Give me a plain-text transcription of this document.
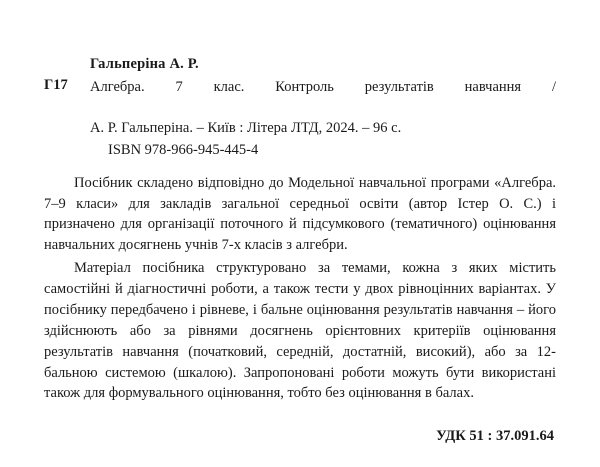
Гальперіна А. Р.
Г17 Алгебра. 7 клас. Контроль результатів навчання /
А. Р. Гальперіна. – Київ : Літера ЛТД, 2024. – 96 с.
ISBN 978-966-945-445-4

Посібник складено відповідно до Модельної навчальної програми «Алгебра. 7–9 класи» для закладів загальної середньої освіти (автор Істер О. С.) і призначено для організації поточного й підсумкового (тематичного) оцінювання навчальних досягнень учнів 7-х класів з алгебри.

Матеріал посібника структуровано за темами, кожна з яких містить самостійні й діагностичні роботи, а також тести у двох рівноцінних варіантах. У посібнику передбачено і рівневе, і бальне оцінювання результатів навчання – його здійснюють або за рівнями досягнень орієнтовних критеріїв оцінювання результатів навчання (початковий, середній, достатній, високий), або за 12-бальною системою (шкалою). Запропоновані роботи можуть бути використані також для формувального оцінювання, тобто без оцінювання в балах.

УДК 51 : 37.091.64
